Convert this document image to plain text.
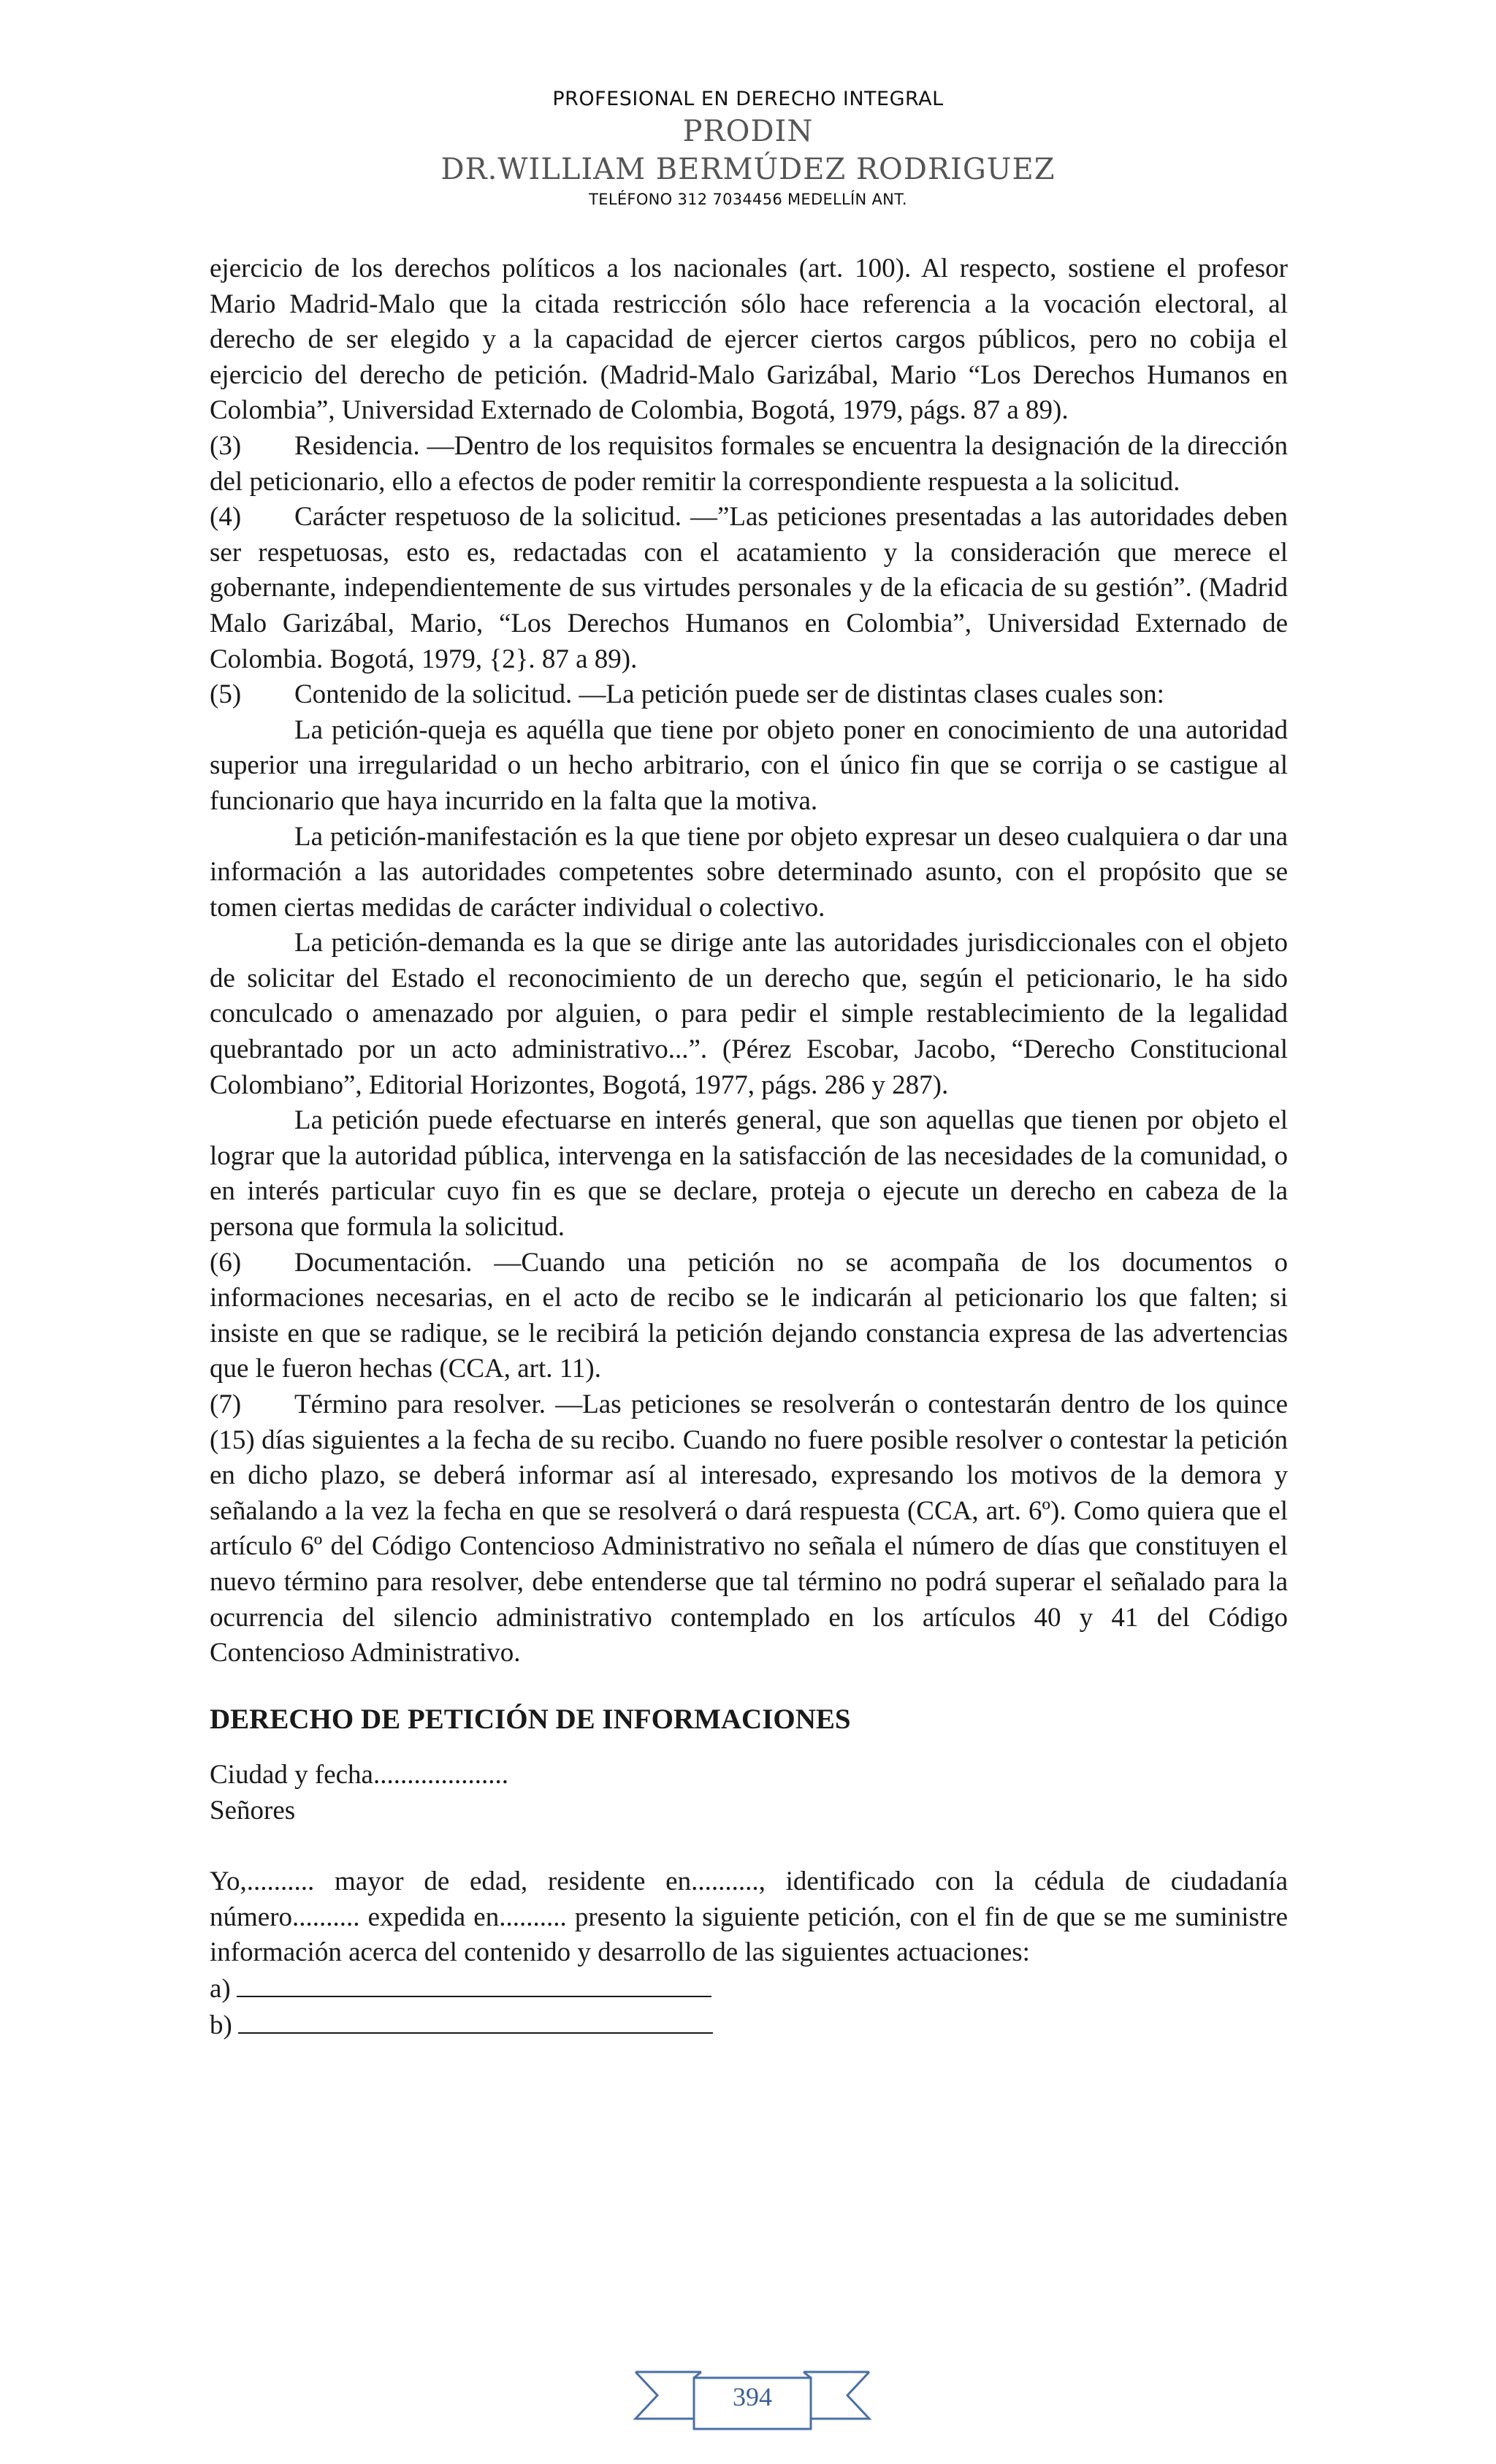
PROFESIONAL EN DERECHO INTEGRAL
PRODIN
DR.WILLIAM BERMÚDEZ RODRIGUEZ
TELÉFONO 312 7034456 MEDELLÍN ANT.

ejercicio de los derechos políticos a los nacionales (art. 100). Al respecto, sostiene el profesor Mario Madrid-Malo que la citada restricción sólo hace referencia a la vocación electoral, al derecho de ser elegido y a la capacidad de ejercer ciertos cargos públicos, pero no cobija el ejercicio del derecho de petición. (Madrid-Malo Garizábal, Mario “Los Derechos Humanos en Colombia”, Universidad Externado de Colombia, Bogotá, 1979, págs. 87 a 89).

(3) Residencia. —Dentro de los requisitos formales se encuentra la designación de la dirección del peticionario, ello a efectos de poder remitir la correspondiente respuesta a la solicitud.

(4) Carácter respetuoso de la solicitud. —”Las peticiones presentadas a las autoridades deben ser respetuosas, esto es, redactadas con el acatamiento y la consideración que merece el gobernante, independientemente de sus virtudes personales y de la eficacia de su gestión”. (Madrid Malo Garizábal, Mario, “Los Derechos Humanos en Colombia”, Universidad Externado de Colombia. Bogotá, 1979, {2}. 87 a 89).

(5) Contenido de la solicitud. —La petición puede ser de distintas clases cuales son:

La petición-queja es aquélla que tiene por objeto poner en conocimiento de una autoridad superior una irregularidad o un hecho arbitrario, con el único fin que se corrija o se castigue al funcionario que haya incurrido en la falta que la motiva.

La petición-manifestación es la que tiene por objeto expresar un deseo cualquiera o dar una información a las autoridades competentes sobre determinado asunto, con el propósito que se tomen ciertas medidas de carácter individual o colectivo.

La petición-demanda es la que se dirige ante las autoridades jurisdiccionales con el objeto de solicitar del Estado el reconocimiento de un derecho que, según el peticionario, le ha sido conculcado o amenazado por alguien, o para pedir el simple restablecimiento de la legalidad quebrantado por un acto administrativo...”. (Pérez Escobar, Jacobo, “Derecho Constitucional Colombiano”, Editorial Horizontes, Bogotá, 1977, págs. 286 y 287).

La petición puede efectuarse en interés general, que son aquellas que tienen por objeto el lograr que la autoridad pública, intervenga en la satisfacción de las necesidades de la comunidad, o en interés particular cuyo fin es que se declare, proteja o ejecute un derecho en cabeza de la persona que formula la solicitud.

(6) Documentación. —Cuando una petición no se acompaña de los documentos o informaciones necesarias, en el acto de recibo se le indicarán al peticionario los que falten; si insiste en que se radique, se le recibirá la petición dejando constancia expresa de las advertencias que le fueron hechas (CCA, art. 11).

(7) Término para resolver. —Las peticiones se resolverán o contestarán dentro de los quince (15) días siguientes a la fecha de su recibo. Cuando no fuere posible resolver o contestar la petición en dicho plazo, se deberá informar así al interesado, expresando los motivos de la demora y señalando a la vez la fecha en que se resolverá o dará respuesta (CCA, art. 6º). Como quiera que el artículo 6º del Código Contencioso Administrativo no señala el número de días que constituyen el nuevo término para resolver, debe entenderse que tal término no podrá superar el señalado para la ocurrencia del silencio administrativo contemplado en los artículos 40 y 41 del Código Contencioso Administrativo.

DERECHO DE PETICIÓN DE INFORMACIONES

Ciudad y fecha....................

Señores

Yo,.......... mayor de edad, residente en.........., identificado con la cédula de ciudadanía número.......... expedida en.......... presento la siguiente petición, con el fin de que se me suministre información acerca del contenido y desarrollo de las siguientes actuaciones:

a)

b)

394
